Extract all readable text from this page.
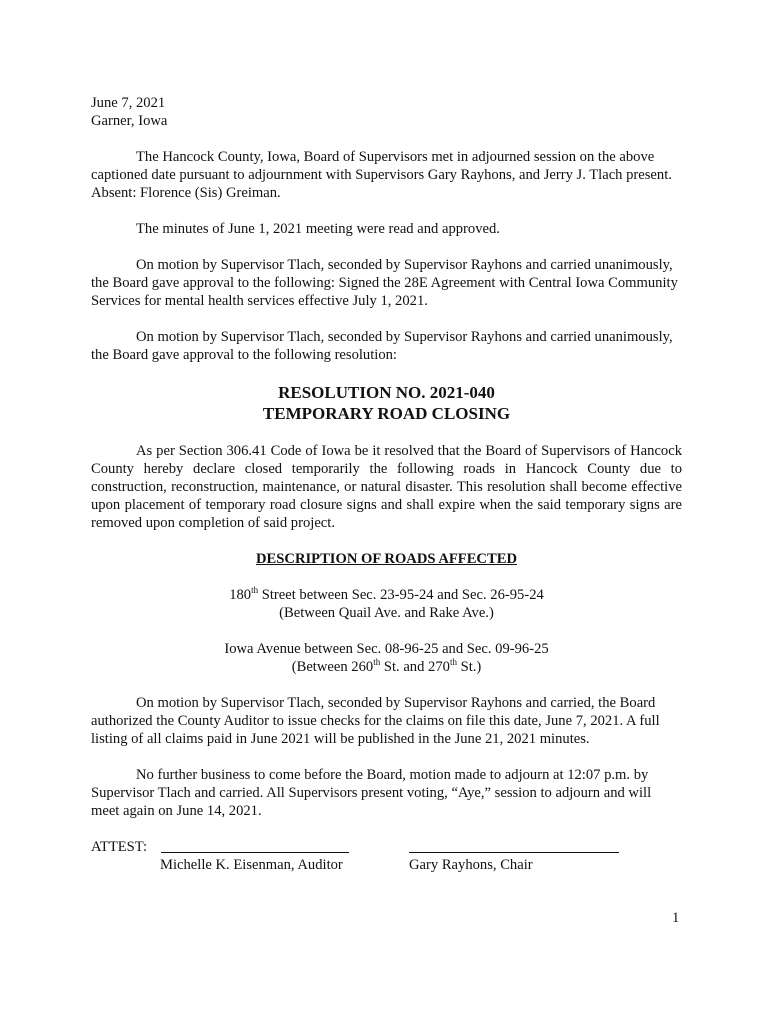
June 7, 2021

Garner, Iowa

The Hancock County, Iowa, Board of Supervisors met in adjourned session on the above captioned date pursuant to adjournment with Supervisors Gary Rayhons, and Jerry J. Tlach present. Absent: Florence (Sis) Greiman.

The minutes of June 1, 2021 meeting were read and approved.

On motion by Supervisor Tlach, seconded by Supervisor Rayhons and carried unanimously, the Board gave approval to the following: Signed the 28E Agreement with Central Iowa Community Services for mental health services effective July 1, 2021.

On motion by Supervisor Tlach, seconded by Supervisor Rayhons and carried unanimously, the Board gave approval to the following resolution:

RESOLUTION NO. 2021-040

TEMPORARY ROAD CLOSING

As per Section 306.41 Code of Iowa be it resolved that the Board of Supervisors of Hancock County hereby declare closed temporarily the following roads in Hancock County due to construction, reconstruction, maintenance, or natural disaster. This resolution shall become effective upon placement of temporary road closure signs and shall expire when the said temporary signs are removed upon completion of said project.

DESCRIPTION OF ROADS AFFECTED

180th Street between Sec. 23-95-24 and Sec. 26-95-24

(Between Quail Ave. and Rake Ave.)

Iowa Avenue between Sec. 08-96-25 and Sec. 09-96-25

(Between 260th St. and 270th St.)

On motion by Supervisor Tlach, seconded by Supervisor Rayhons and carried, the Board authorized the County Auditor to issue checks for the claims on file this date, June 7, 2021. A full listing of all claims paid in June 2021 will be published in the June 21, 2021 minutes.

No further business to come before the Board, motion made to adjourn at 12:07 p.m. by Supervisor Tlach and carried. All Supervisors present voting, “Aye,” session to adjourn and will meet again on June 14, 2021.

ATTEST:
Michelle K. Eisenman, Auditor	Gary Rayhons, Chair
1
